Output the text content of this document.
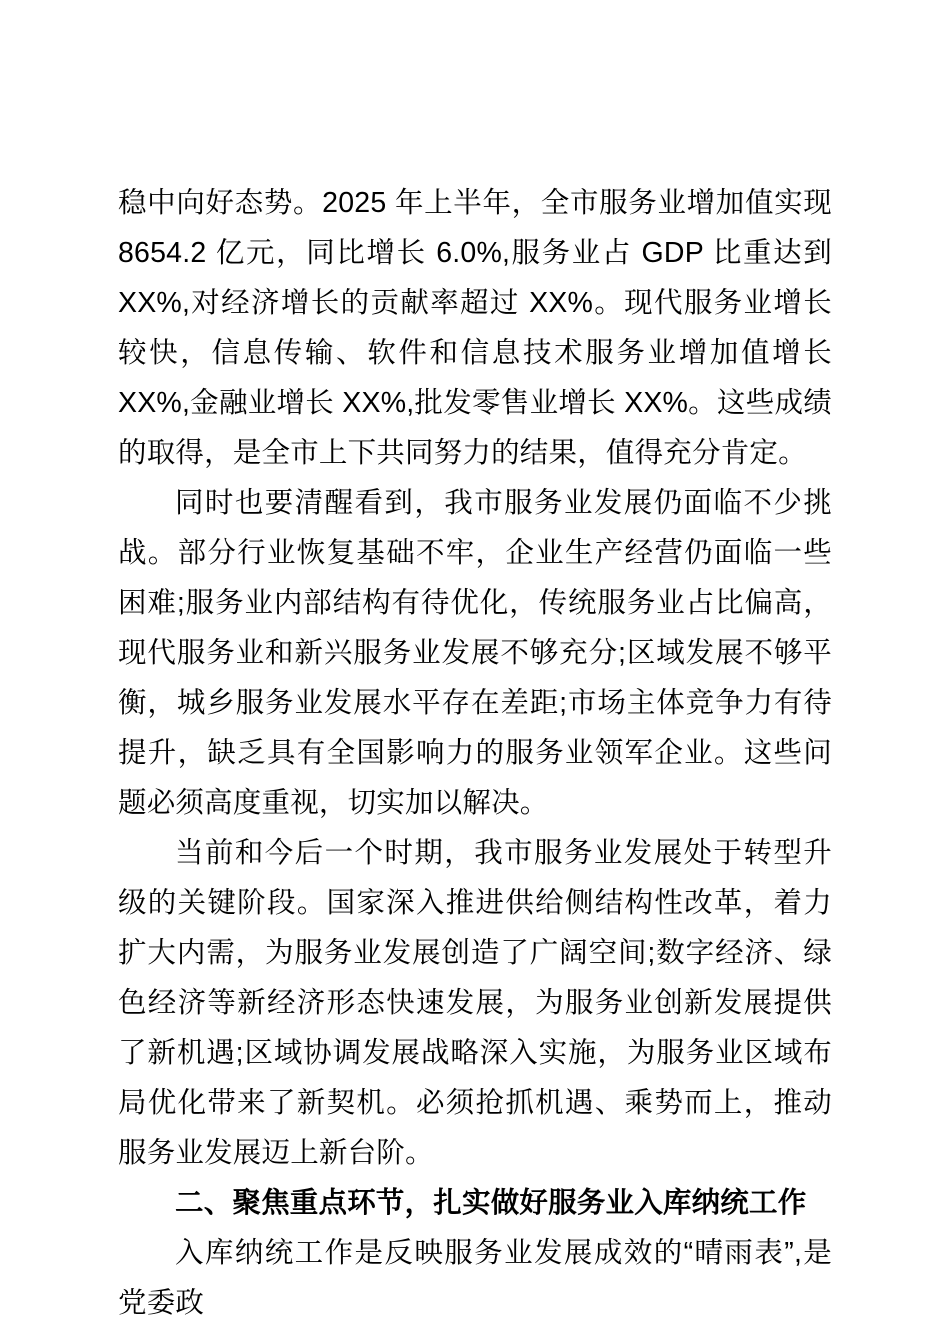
稳中向好态势。2025 年上半年，全市服务业增加值实现 8654.2 亿元，同比增长 6.0%,服务业占 GDP 比重达到 XX%,对经济增长的贡献率超过 XX%。现代服务业增长较快，信息传输、软件和信息技术服务业增加值增长 XX%,金融业增长 XX%,批发零售业增长 XX%。这些成绩的取得，是全市上下共同努力的结果，值得充分肯定。

同时也要清醒看到，我市服务业发展仍面临不少挑战。部分行业恢复基础不牢，企业生产经营仍面临一些困难;服务业内部结构有待优化，传统服务业占比偏高，现代服务业和新兴服务业发展不够充分;区域发展不够平衡，城乡服务业发展水平存在差距;市场主体竞争力有待提升，缺乏具有全国影响力的服务业领军企业。这些问题必须高度重视，切实加以解决。

当前和今后一个时期，我市服务业发展处于转型升级的关键阶段。国家深入推进供给侧结构性改革，着力扩大内需，为服务业发展创造了广阔空间;数字经济、绿色经济等新经济形态快速发展，为服务业创新发展提供了新机遇;区域协调发展战略深入实施，为服务业区域布局优化带来了新契机。必须抢抓机遇、乘势而上，推动服务业发展迈上新台阶。

二、聚焦重点环节，扎实做好服务业入库纳统工作

入库纳统工作是反映服务业发展成效的“晴雨表”,是党委政
